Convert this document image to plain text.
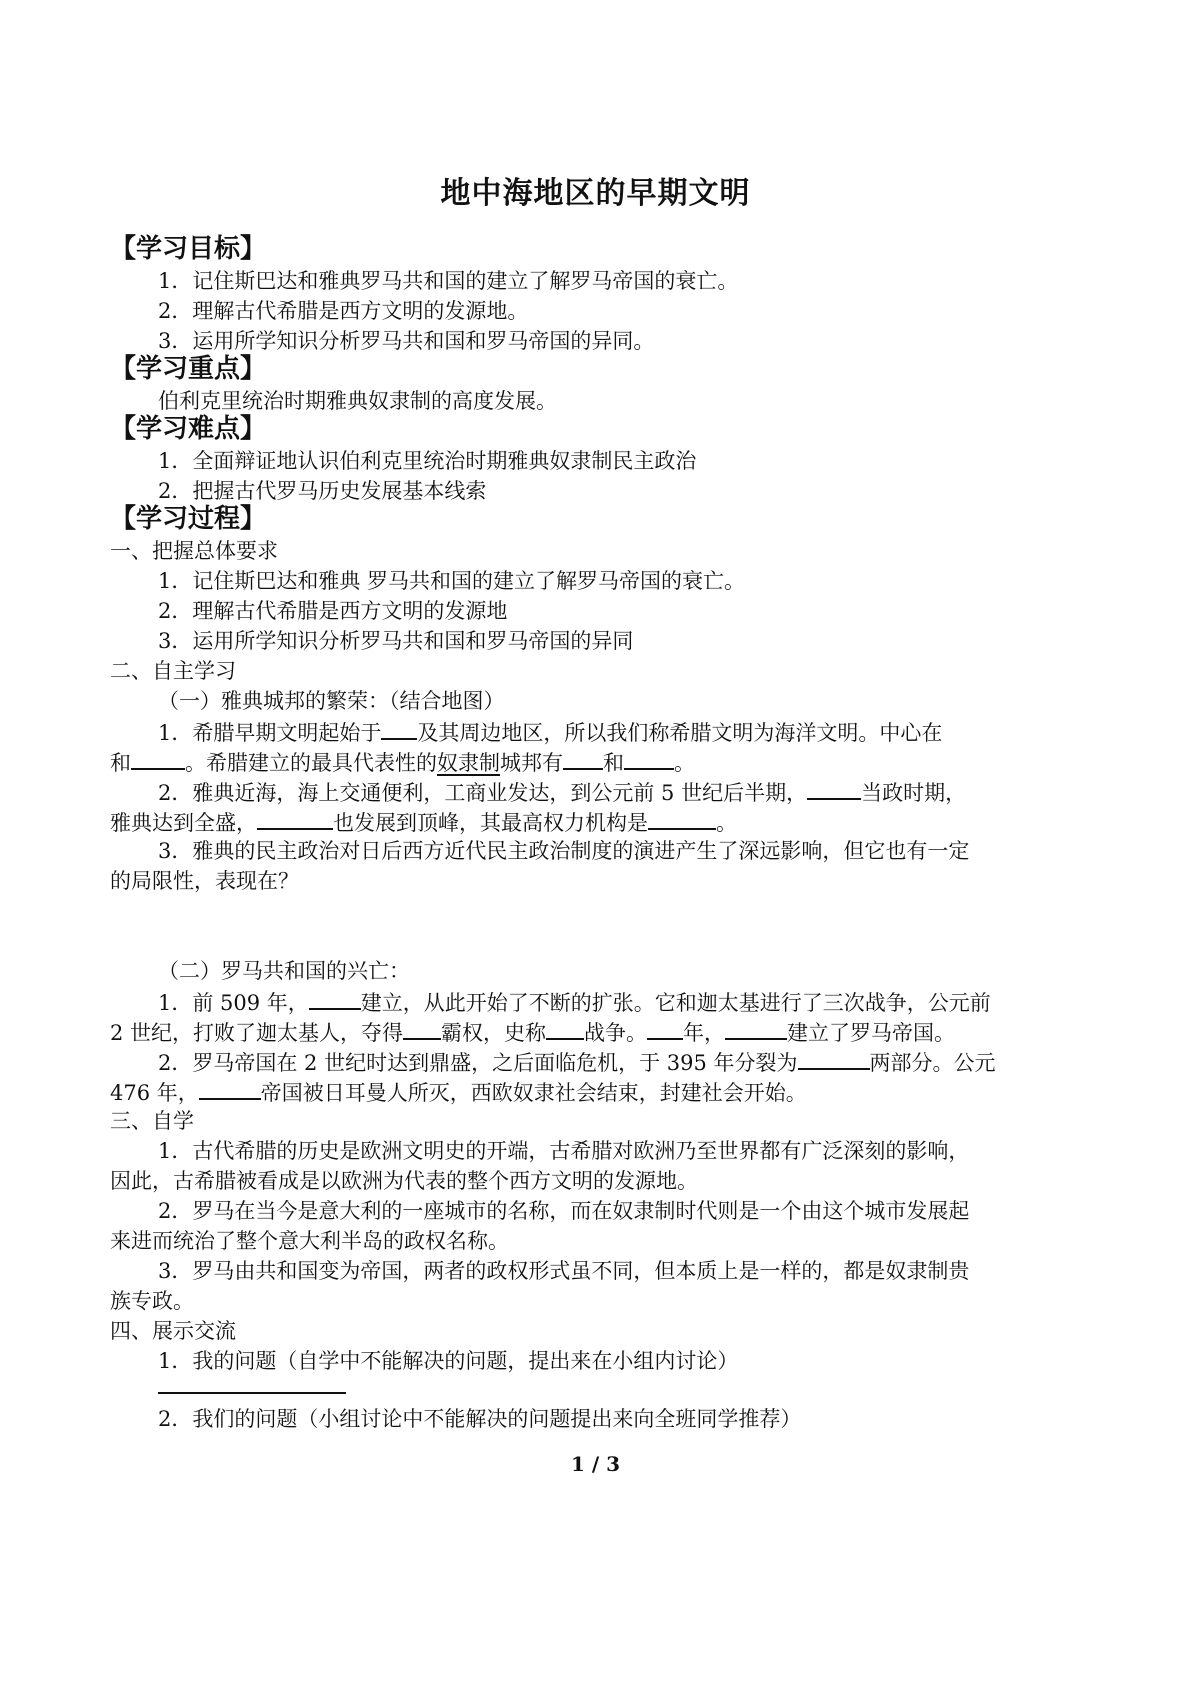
地中海地区的早期文明
【学习目标】
1．记住斯巴达和雅典罗马共和国的建立了解罗马帝国的衰亡。
2．理解古代希腊是西方文明的发源地。
3．运用所学知识分析罗马共和国和罗马帝国的异同。
【学习重点】
伯利克里统治时期雅典奴隶制的高度发展。
【学习难点】
1．全面辩证地认识伯利克里统治时期雅典奴隶制民主政治
2．把握古代罗马历史发展基本线索
【学习过程】
一、把握总体要求
1．记住斯巴达和雅典 罗马共和国的建立了解罗马帝国的衰亡。
2．理解古代希腊是西方文明的发源地
3．运用所学知识分析罗马共和国和罗马帝国的异同
二、自主学习
（一）雅典城邦的繁荣：（结合地图）
1．希腊早期文明起始于 及其周边地区，所以我们称希腊文明为海洋文明。中心在
和	。希腊建立的最具代表性的奴隶制城邦有 和 。
2．雅典近海，海上交通便利，工商业发达，到公元前 5 世纪后半期，	当政时期，
雅典达到全盛，	也发展到顶峰，其最高权力机构是	。
3．雅典的民主政治对日后西方近代民主政治制度的演进产生了深远影响，但它也有一定
的局限性，表现在？
（二）罗马共和国的兴亡：
1．前 509 年， 建立，从此开始了不断的扩张。它和迦太基进行了三次战争，公元前
2 世纪，打败了迦太基人，夺得 霸权，史称 战争。 年，	建立了罗马帝国。
2．罗马帝国在 2 世纪时达到鼎盛，之后面临危机，于 395 年分裂为	两部分。公元
476 年，	帝国被日耳曼人所灭，西欧奴隶社会结束，封建社会开始。
三、自学
1．古代希腊的历史是欧洲文明史的开端，古希腊对欧洲乃至世界都有广泛深刻的影响，
因此，古希腊被看成是以欧洲为代表的整个西方文明的发源地。
2．罗马在当今是意大利的一座城市的名称，而在奴隶制时代则是一个由这个城市发展起
来进而统治了整个意大利半岛的政权名称。
3．罗马由共和国变为帝国，两者的政权形式虽不同，但本质上是一样的，都是奴隶制贵
族专政。
四、展示交流
1．我的问题（自学中不能解决的问题，提出来在小组内讨论）
2．我们的问题（小组讨论中不能解决的问题提出来向全班同学推荐）
1 / 3
